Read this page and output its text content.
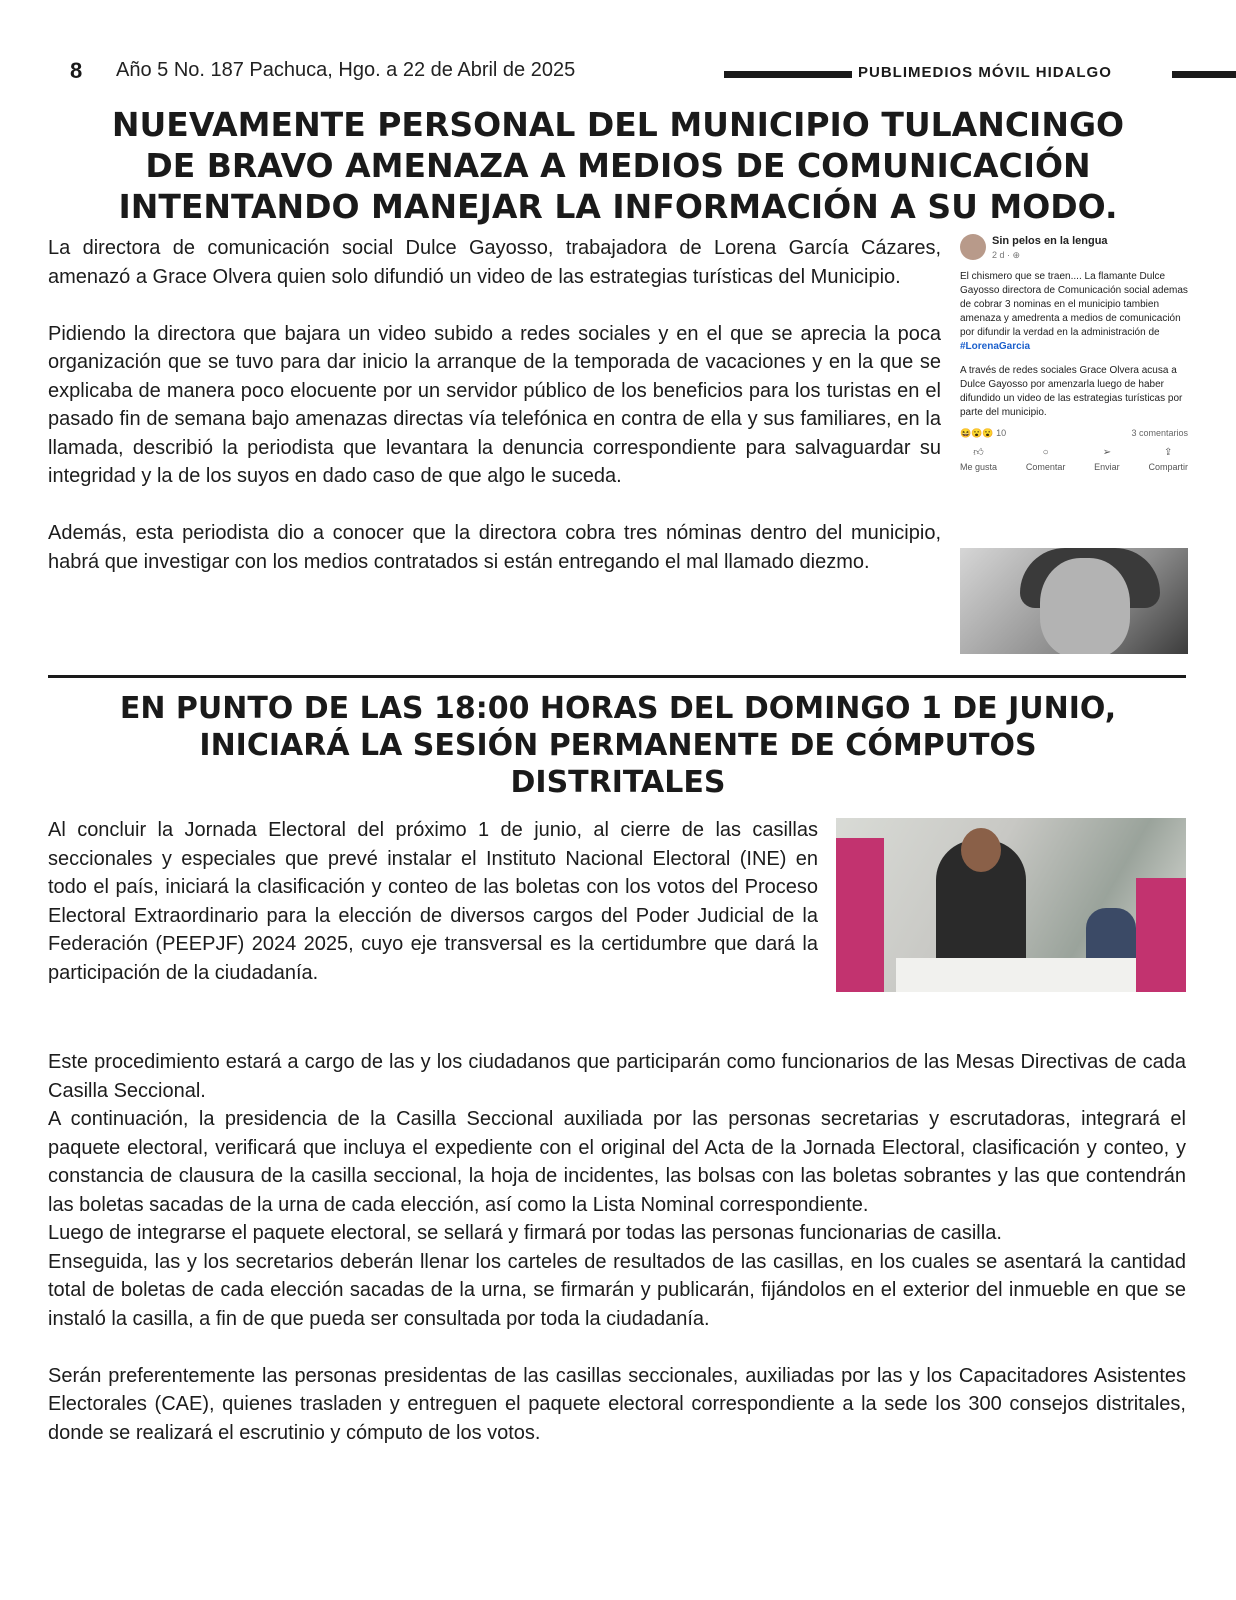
8 Año 5 No. 187 Pachuca, Hgo. a 22 de Abril de 2025	PUBLIMEDIOS MÓVIL HIDALGO
NUEVAMENTE PERSONAL DEL MUNICIPIO TULANCINGO
DE BRAVO AMENAZA A MEDIOS DE COMUNICACIÓN
INTENTANDO MANEJAR LA INFORMACIÓN A SU MODO.

La directora de comunicación social Dulce Gayosso, trabajadora de Lorena García Cázares, amenazó a Grace Olvera quien solo difundió un video de las estrategias turísticas del Municipio.

Pidiendo la directora que bajara un video subido a redes sociales y en el que se aprecia la poca organización que se tuvo para dar inicio la arranque de la temporada de vacaciones y en la que se explicaba de manera poco elocuente por un servidor público de los beneficios para los turistas en el pasado fin de semana bajo amenazas directas vía telefónica en contra de ella y sus familiares, en la llamada, describió la periodista que levantara la denuncia correspondiente para salvaguardar su integridad y la de los suyos en dado caso de que algo le suceda.

Además, esta periodista dio a conocer que la directora cobra tres nóminas dentro del municipio, habrá que investigar con los medios contratados si están entregando el mal llamado diezmo.

Sin pelos en la lengua
2 d · ⊕
El chismero que se traen.... La flamante Dulce Gayosso directora de Comunicación social ademas de cobrar 3 nominas en el municipio tambien amenaza y amedrenta a medios de comunicación por difundir la verdad en la administración de #LorenaGarcia
A través de redes sociales Grace Olvera acusa a Dulce Gayosso por amenzarla luego de haber difundido un video de las estrategias turísticas por parte del municipio.
😆😮😮 10	3 comentarios
👍︎
Me gusta
○
Comentar
➢
Enviar
⇪
Compartir
EN PUNTO DE LAS 18:00 HORAS DEL DOMINGO 1 DE JUNIO,
INICIARÁ LA SESIÓN PERMANENTE DE CÓMPUTOS
DISTRITALES

Al concluir la Jornada Electoral del próximo 1 de junio, al cierre de las casillas seccionales y especiales que prevé instalar el Instituto Nacional Electoral (INE) en todo el país, iniciará la clasificación y conteo de las boletas con los votos del Proceso Electoral Extraordinario para la elección de diversos cargos del Poder Judicial de la Federación (PEEPJF) 2024 2025, cuyo eje transversal es la certidumbre que dará la participación de la ciudadanía.

Este procedimiento estará a cargo de las y los ciudadanos que participarán como funcionarios de las Mesas Directivas de cada Casilla Seccional.

A continuación, la presidencia de la Casilla Seccional auxiliada por las personas secretarias y escrutadoras, integrará el paquete electoral, verificará que incluya el expediente con el original del Acta de la Jornada Electoral, clasificación y conteo, y constancia de clausura de la casilla seccional, la hoja de incidentes, las bolsas con las boletas sobrantes y las que contendrán las boletas sacadas de la urna de cada elección, así como la Lista Nominal correspondiente.

Luego de integrarse el paquete electoral, se sellará y firmará por todas las personas funcionarias de casilla.

Enseguida, las y los secretarios deberán llenar los carteles de resultados de las casillas, en los cuales se asentará la cantidad total de boletas de cada elección sacadas de la urna, se firmarán y publicarán, fijándolos en el exterior del inmueble en que se instaló la casilla, a fin de que pueda ser consultada por toda la ciudadanía.

Serán preferentemente las personas presidentas de las casillas seccionales, auxiliadas por las y los Capacitadores Asistentes Electorales (CAE), quienes trasladen y entreguen el paquete electoral correspondiente a la sede los 300 consejos distritales, donde se realizará el escrutinio y cómputo de los votos.
